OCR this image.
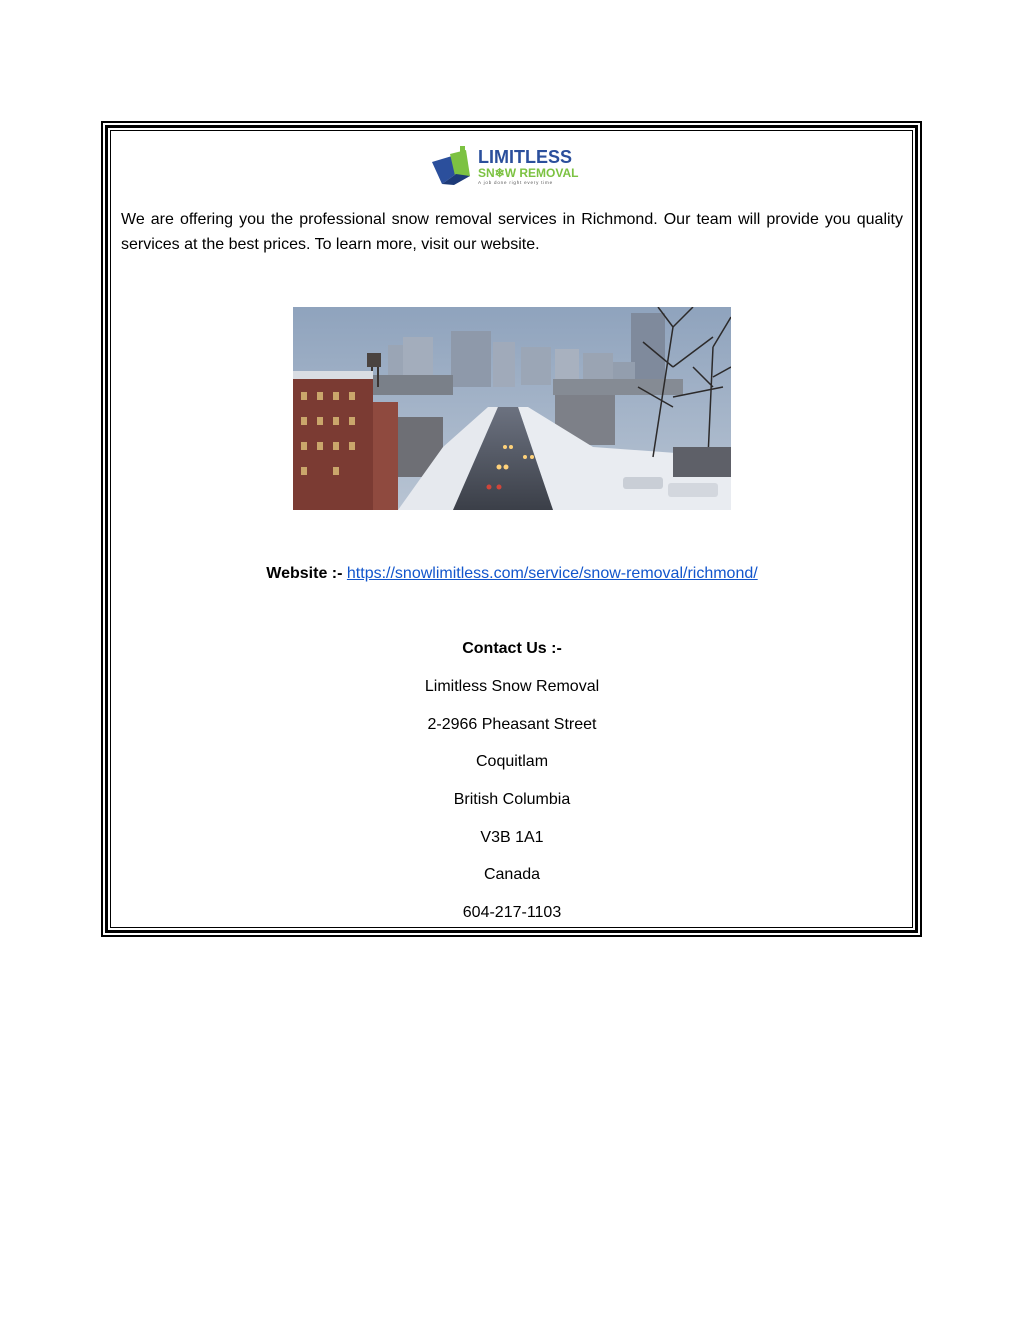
LIMITLESS
SN❄W REMOVAL
A job done right every time

We are offering you the professional snow removal services in Richmond. Our team will provide you quality services at the best prices. To learn more, visit our website.

Website :- https://snowlimitless.com/service/snow-removal/richmond/
Contact Us :-
Limitless Snow Removal
2-2966 Pheasant Street
Coquitlam
British Columbia
V3B 1A1
Canada
604-217-1103
